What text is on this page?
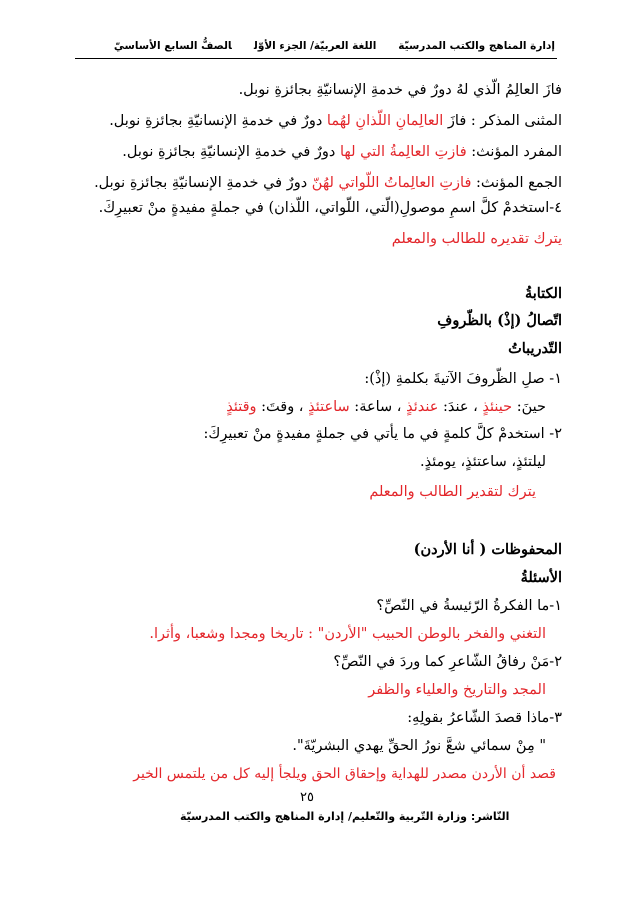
إدارة المناهج والكتب المدرسيّةاللغة العربيّة/ الجزء الأوّلالصفُّ السابع الأساسيّ
فازَ العالِمُ الّذي لهُ دورٌ في خدمةِ الإنسانيّةِ بجائزةِ نوبل.
المثنى المذكر : فازَ العالِمانِ اللّذانِ لهُما دورٌ في خدمةِ الإنسانيّةِ بجائزةِ نوبل.
المفرد المؤنث: فازتِ العالِمةُ التي لها دورٌ في خدمةِ الإنسانيّةِ بجائزةِ نوبل.
الجمع المؤنث: فازتِ العالِماتُ اللّواتي لهُنّ دورٌ في خدمةِ الإنسانيّةِ بجائزةِ نوبل.
٤-استخدمْ كلَّ اسمِ موصولِ(الّتي، اللّواتي، اللّذان) في جملةٍ مفيدةٍ منْ تعبيرِكَ.
يترك تقديره للطالب والمعلم
الكتابةُ
اتّصالُ (إذْ) بالظّروفِ
التّدريباتُ
١- صلِ الظّروفَ الآتيةَ بكلمةِ (إذْ):
حينَ: حينئذٍ ، عندَ: عندئذٍ ، ساعة: ساعتئذٍ ، وقتَ: وقتئذٍ
٢- استخدمْ كلَّ كلمةٍ في ما يأتي في جملةٍ مفيدةٍ منْ تعبيرِكَ:
ليلتئذٍ، ساعتئذٍ، يومئذٍ.
يترك لتقدير الطالب والمعلم
المحفوظات ( أنا الأردن)
الأسئلةُ
١-ما الفكرةُ الرّئيسةُ في النّصِّ؟
التغني والفخر بالوطن الحبيب "الأردن" : تاريخا ومجدا وشعبا، وأثرا.
٢-مَنْ رفاقُ الشّاعرِ كما وردَ في النّصِّ؟
المجد والتاريخ والعلياء والظفر
٣-ماذا قصدَ الشّاعرُ بقولِهِ:
" مِنْ سمائي شعَّ نورُ الحقِّ يهدي البشريّةَ".
قصد أن الأردن مصدر للهداية وإحقاق الحق ويلجأ إليه كل من يلتمس الخير
٢٥
النّاشر: وزارة التّربية والتّعليم/ إدارة المناهج والكتب المدرسيّة
